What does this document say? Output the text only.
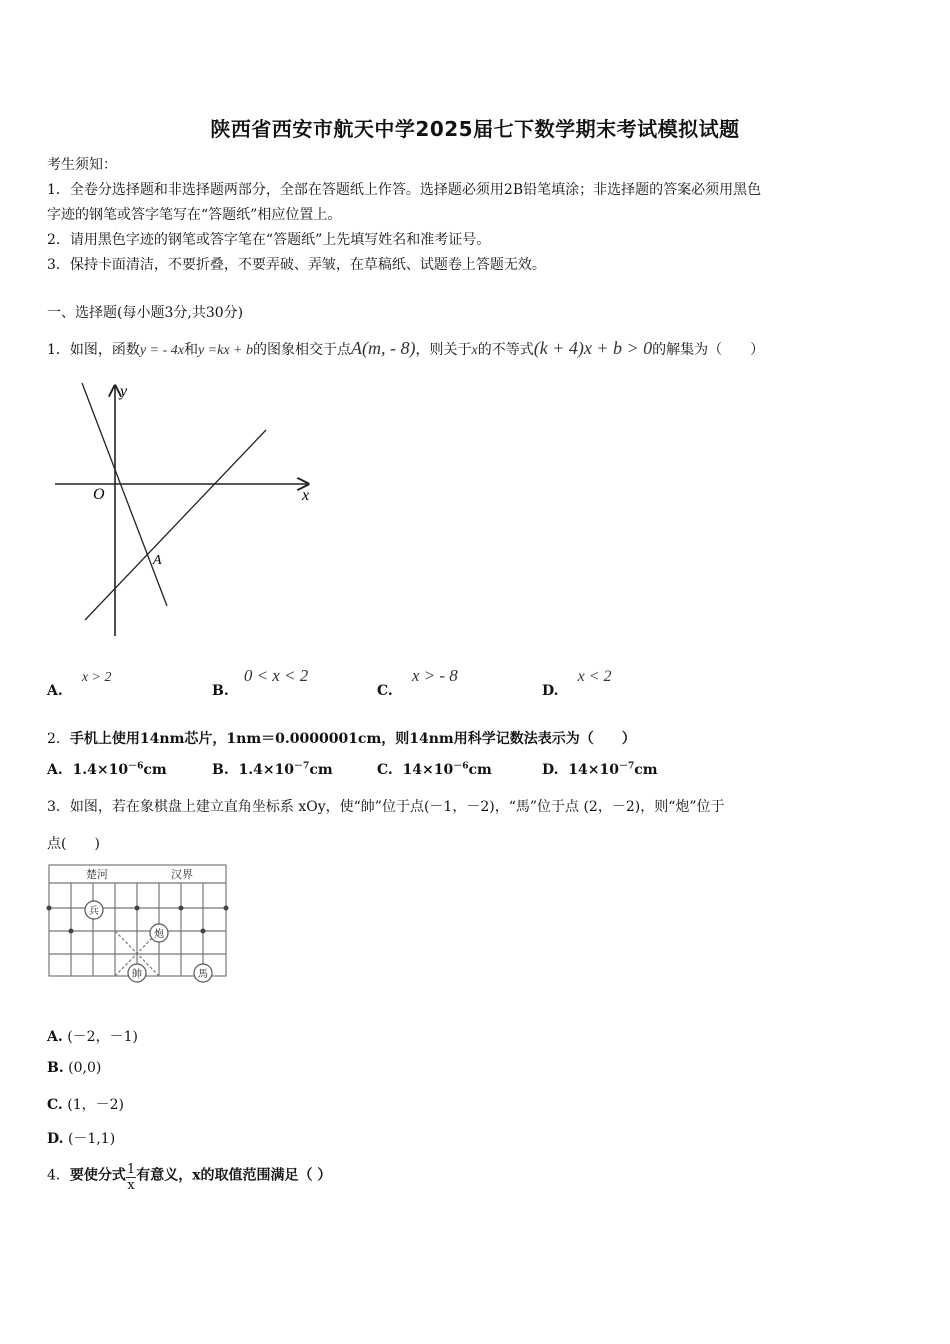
陕西省西安市航天中学2025届七下数学期末考试模拟试题
考生须知：
1．全卷分选择题和非选择题两部分，全部在答题纸上作答。选择题必须用2B铅笔填涂；非选择题的答案必须用黑色
字迹的钢笔或答字笔写在“答题纸”相应位置上。
2．请用黑色字迹的钢笔或答字笔在“答题纸”上先填写姓名和准考证号。
3．保持卡面清洁，不要折叠，不要弄破、弄皱，在草稿纸、试题卷上答题无效。
一、选择题(每小题3分,共30分)
1．如图，函数y = - 4x和y =kx + b的图象相交于点A(m, - 8)，则关于x的不等式(k + 4)x + b > 0的解集为（　　）
y
x
O
A
A. x > 2
B. 0 < x < 2
C. x > - 8
D. x < 2
2．手机上使用14nm芯片，1nm＝0.0000001cm，则14nm用科学记数法表示为（　　）
A. $1.4\times 10^{-6}cm$	B. $1.4\times 10^{-7}cm$	C. $14\times 10^{-6}cm$	D. $14\times 10^{-7}cm$
3．如图，若在象棋盘上建立直角坐标系 xOy，使“帥”位于点(－1，－2)，“馬”位于点 (2，－2)，则“炮”位于
点(　　)
楚河	汉界
兵
炮
帥	馬
A. (－2，－1)
B. (0,0)
C. (1，－2)
D. (－1,1)
4．要使分式 $\frac{1}{x}$ 有意义，x的取值范围满足（ ）
